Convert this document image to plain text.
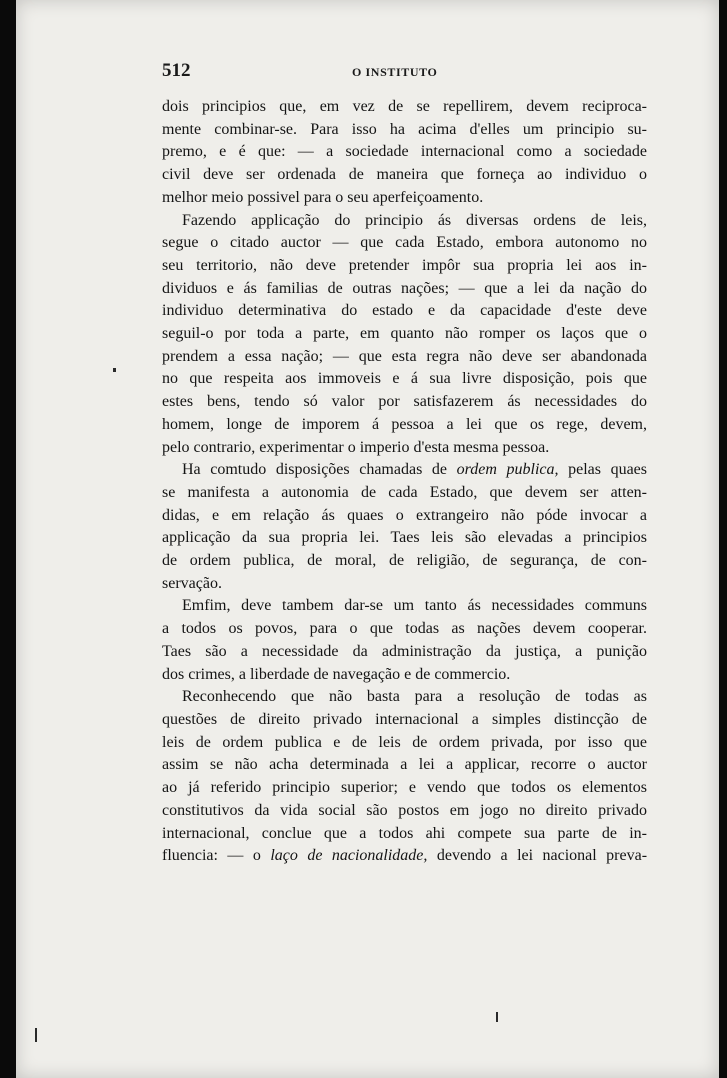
512	O INSTITUTO
dois principios que, em vez de se repellirem, devem reciproca-
mente combinar-se. Para isso ha acima d'elles um principio su-
premo, e é que: — a sociedade internacional como a sociedade
civil deve ser ordenada de maneira que forneça ao individuo o
melhor meio possivel para o seu aperfeiçoamento.
Fazendo applicação do principio ás diversas ordens de leis,
segue o citado auctor — que cada Estado, embora autonomo no
seu territorio, não deve pretender impôr sua propria lei aos in-
dividuos e ás familias de outras nações; — que a lei da nação do
individuo determinativa do estado e da capacidade d'este deve
seguil-o por toda a parte, em quanto não romper os laços que o
prendem a essa nação; — que esta regra não deve ser abandonada
no que respeita aos immoveis e á sua livre disposição, pois que
estes bens, tendo só valor por satisfazerem ás necessidades do
homem, longe de imporem á pessoa a lei que os rege, devem,
pelo contrario, experimentar o imperio d'esta mesma pessoa.
Ha comtudo disposições chamadas de ordem publica, pelas quaes
se manifesta a autonomia de cada Estado, que devem ser atten-
didas, e em relação ás quaes o extrangeiro não póde invocar a
applicação da sua propria lei. Taes leis são elevadas a principios
de ordem publica, de moral, de religião, de segurança, de con-
servação.
Emfim, deve tambem dar-se um tanto ás necessidades communs
a todos os povos, para o que todas as nações devem cooperar.
Taes são a necessidade da administração da justiça, a punição
dos crimes, a liberdade de navegação e de commercio.
Reconhecendo que não basta para a resolução de todas as
questões de direito privado internacional a simples distincção de
leis de ordem publica e de leis de ordem privada, por isso que
assim se não acha determinada a lei a applicar, recorre o auctor
ao já referido principio superior; e vendo que todos os elementos
constitutivos da vida social são postos em jogo no direito privado
internacional, conclue que a todos ahi compete sua parte de in-
fluencia: — o laço de nacionalidade, devendo a lei nacional preva-
